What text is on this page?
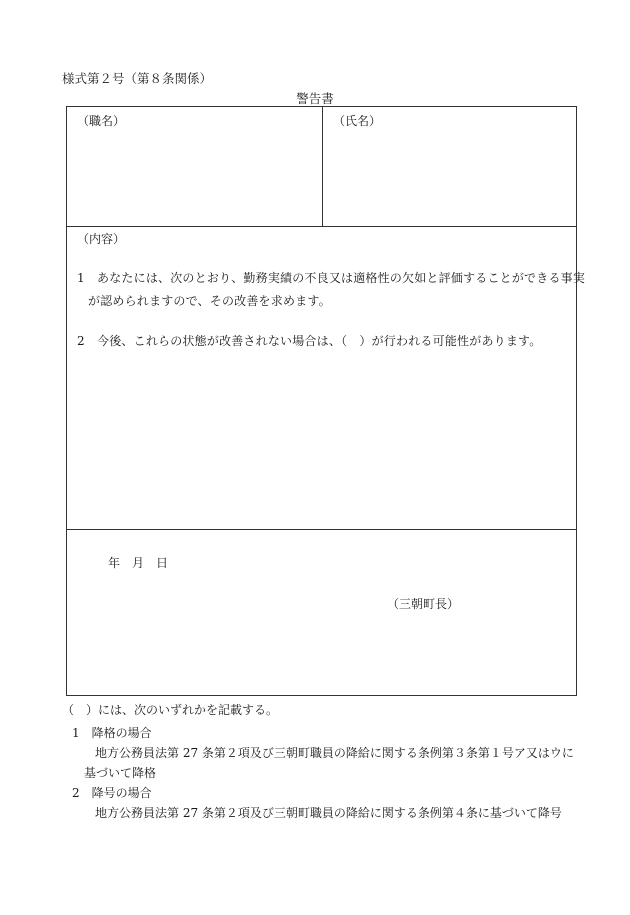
様式第２号（第８条関係）
警告書
（職名）	（氏名）
（内容）
1　あなたには、次のとおり、勤務実績の不良又は適格性の欠如と評価することができる事実
が認められますので、その改善を求めます。
2　今後、これらの状態が改善されない場合は、（　）が行われる可能性があります。
年　月　日
（三朝町長）
（　）には、次のいずれかを記載する。
1　降格の場合
地方公務員法第 27 条第２項及び三朝町職員の降給に関する条例第３条第１号ア又はウに
基づいて降格
2　降号の場合
地方公務員法第 27 条第２項及び三朝町職員の降給に関する条例第４条に基づいて降号
